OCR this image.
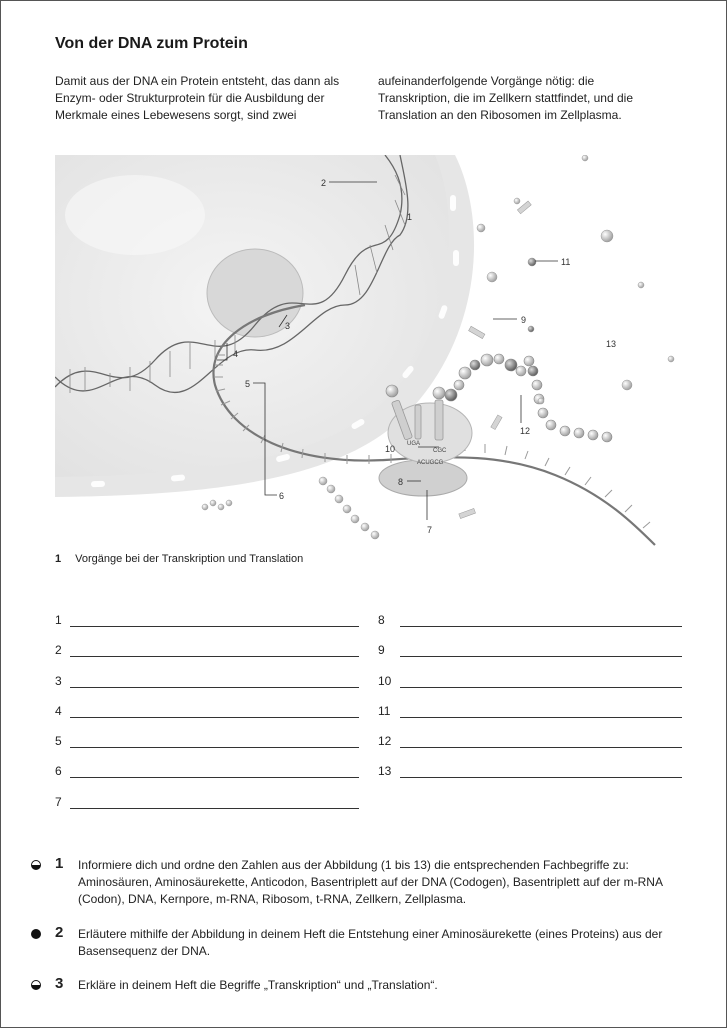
Von der DNA zum Protein
Damit aus der DNA ein Protein entsteht, das dann als
Enzym- oder Strukturprotein für die Ausbildung der
Merkmale eines Lebewesens sorgt, sind zwei
aufeinanderfolgende Vorgänge nötig: die
Transkription, die im Zellkern stattfindet, und die
Translation an den Ribosomen im Zellplasma.
UGA
CGC
ACUGCG
2
1
3
4
5
6
7
8
9
10
11
12
13
1 Vorgänge bei der Transkription und Translation
1
2
3
4
5
6
7
8
9
10
11
12
13
1 Informiere dich und ordne den Zahlen aus der Abbildung (1 bis 13) die entsprechenden Fachbegriffe zu: Aminosäuren, Aminosäurekette, Anticodon, Basentriplett auf der DNA (Codogen), Basentriplett auf der m-RNA (Codon), DNA, Kernpore, m-RNA, Ribosom, t-RNA, Zellkern, Zellplasma.
2 Erläutere mithilfe der Abbildung in deinem Heft die Entstehung einer Aminosäurekette (eines Proteins) aus der Basensequenz der DNA.
3 Erkläre in deinem Heft die Begriffe „Transkription“ und „Translation“.
